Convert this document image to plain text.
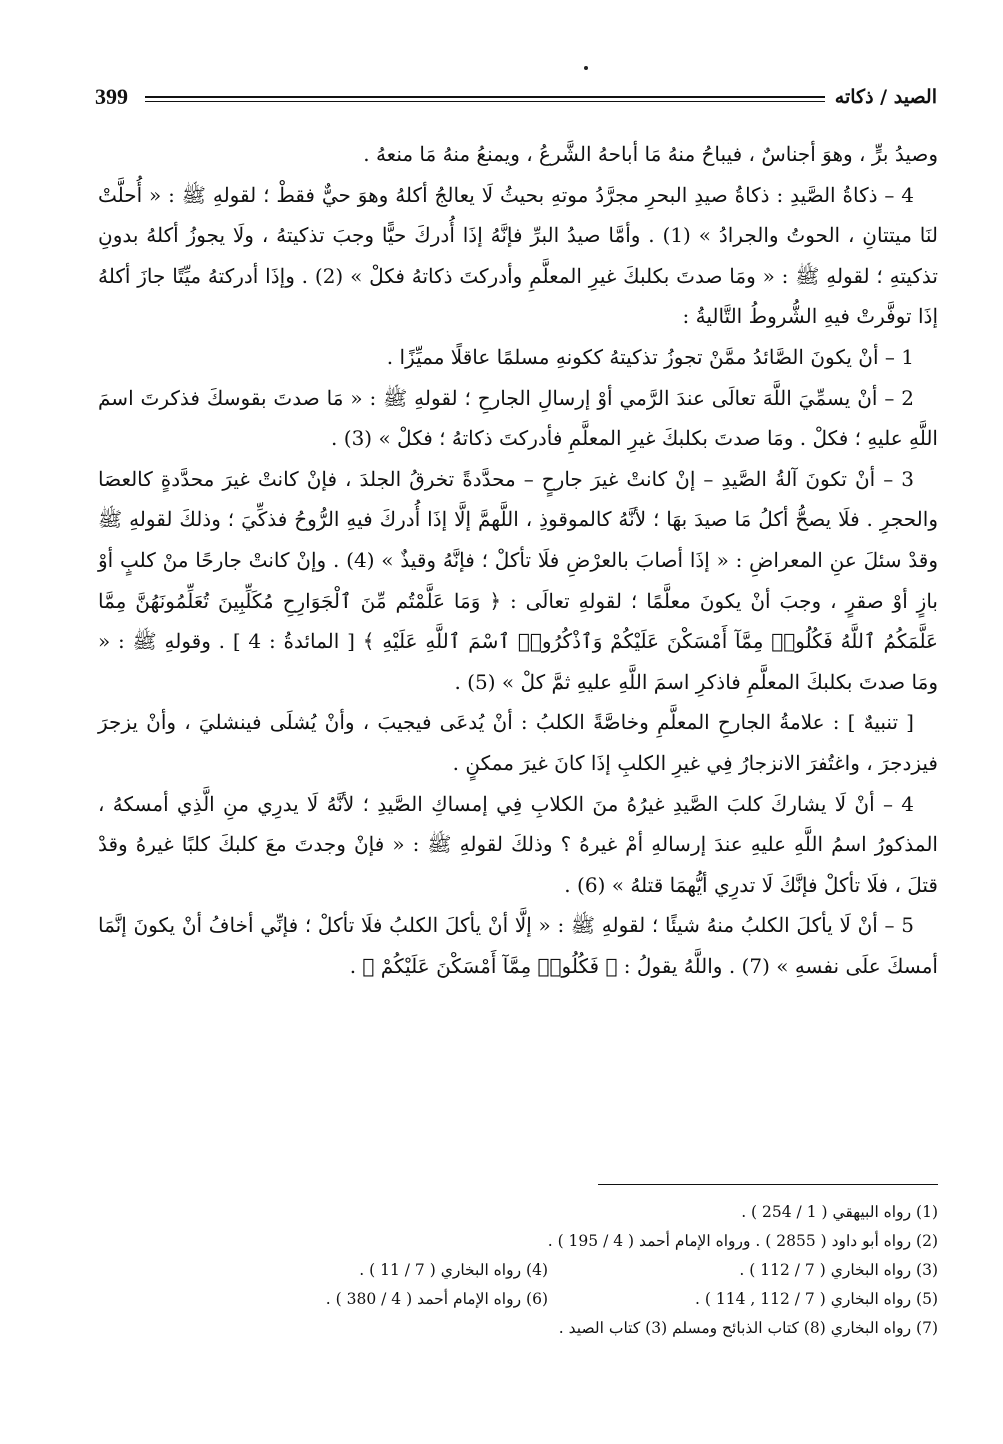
399	الصيد / ذكاته

وصيدُ برٍّ ، وهوَ أجناسٌ ، فيباحُ منهُ مَا أباحهُ الشَّرعُ ، ويمنعُ منهُ مَا منعهُ .

4 – ذكاةُ الصَّيدِ : ذكاةُ صيدِ البحرِ مجرَّدُ موتهِ بحيثُ لَا يعالجُ أكلهُ وهوَ حيٌّ فقطْ ؛ لقولهِ ﷺ : « أُحلَّتْ لنَا ميتتانِ ، الحوتُ والجرادُ » (1) . وأمَّا صيدُ البرِّ فإنَّهُ إذَا أُدركَ حيًّا وجبَ تذكيتهُ ، ولَا يجوزُ أكلهُ بدونِ تذكيتهِ ؛ لقولهِ ﷺ : « ومَا صدتَ بكلبكَ غيرِ المعلَّمِ وأدركتَ ذكاتهُ فكلْ » (2) . وإذَا أدركتهُ ميِّتًا جازَ أكلهُ إذَا توفَّرتْ فيهِ الشُّروطُ التَّاليةُ :

1 – أنْ يكونَ الصَّائدُ ممَّنْ تجوزُ تذكيتهُ ككونهِ مسلمًا عاقلًا مميِّزًا .

2 – أنْ يسمِّيَ اللَّهَ تعالَى عندَ الرَّمي أوْ إرسالِ الجارحِ ؛ لقولهِ ﷺ : « مَا صدتَ بقوسكَ فذكرتَ اسمَ اللَّهِ عليهِ ؛ فكلْ . ومَا صدتَ بكلبكَ غيرِ المعلَّمِ فأدركتَ ذكاتهُ ؛ فكلْ » (3) .

3 – أنْ تكونَ آلةُ الصَّيدِ – إنْ كانتْ غيرَ جارحٍ – محدَّدةً تخرقُ الجلدَ ، فإنْ كانتْ غيرَ محدَّدةٍ كالعصَا والحجرِ . فلَا يصحُّ أكلُ مَا صيدَ بهَا ؛ لأنَّهُ كالموقوذِ ، اللَّهمَّ إلَّا إذَا أُدركَ فيهِ الرُّوحُ فذكِّيَ ؛ وذلكَ لقولهِ ﷺ وقدْ سئلَ عنِ المعراضِ : « إذَا أصابَ بالعرْضِ فلَا تأكلْ ؛ فإنَّهُ وقيذٌ » (4) . وإنْ كانتْ جارحًا منْ كلبٍ أوْ بازٍ أوْ صقرٍ ، وجبَ أنْ يكونَ معلَّمًا ؛ لقولهِ تعالَى : ﴿ وَمَا عَلَّمْتُم مِّنَ ٱلْجَوَارِحِ مُكَلِّبِينَ تُعَلِّمُونَهُنَّ مِمَّا عَلَّمَكُمُ ٱللَّهُ فَكُلُوا۟ مِمَّآ أَمْسَكْنَ عَلَيْكُمْ وَٱذْكُرُوا۟ ٱسْمَ ٱللَّهِ عَلَيْهِ ﴾ [ المائدةُ : 4 ] . وقولهِ ﷺ : « ومَا صدتَ بكلبكَ المعلَّمِ فاذكرِ اسمَ اللَّهِ عليهِ ثمَّ كلْ » (5) .

[ تنبيهٌ ] : علامةُ الجارحِ المعلَّمِ وخاصَّةً الكلبُ : أنْ يُدعَى فيجيبَ ، وأنْ يُشلَى فينشليَ ، وأنْ يزجرَ فيزدجرَ ، واغتُفرَ الانزجارُ فِي غيرِ الكلبِ إذَا كانَ غيرَ ممكنٍ .

4 – أنْ لَا يشاركَ كلبَ الصَّيدِ غيرُهُ منَ الكلابِ فِي إمساكِ الصَّيدِ ؛ لأنَّهُ لَا يدرِي منِ الَّذِي أمسكهُ ، المذكورُ اسمُ اللَّهِ عليهِ عندَ إرسالهِ أمْ غيرهُ ؟ وذلكَ لقولهِ ﷺ : « فإنْ وجدتَ معَ كلبكَ كلبًا غيرهُ وقدْ قتلَ ، فلَا تأكلْ فإنَّكَ لَا تدرِي أيُّهمَا قتلهُ » (6) .

5 – أنْ لَا يأكلَ الكلبُ منهُ شيئًا ؛ لقولهِ ﷺ : « إلَّا أنْ يأكلَ الكلبُ فلَا تأكلْ ؛ فإنِّي أخافُ أنْ يكونَ إنَّمَا أمسكَ علَى نفسهِ » (7) . واللَّهُ يقولُ : ﴿ فَكُلُوا۟ مِمَّآ أَمْسَكْنَ عَلَيْكُمْ ﴾ .

(1) رواه البيهقي ( 1 / 254 ) .
(2) رواه أبو داود ( 2855 ) . ورواه الإمام أحمد ( 4 / 195 ) .
(3) رواه البخاري ( 7 / 112 ) .
(4) رواه البخاري ( 7 / 11 ) .
(5) رواه البخاري ( 7 / 112 , 114 ) .
(6) رواه الإمام أحمد ( 4 / 380 ) .
(7) رواه البخاري (8) كتاب الذبائح ومسلم (3) كتاب الصيد .
